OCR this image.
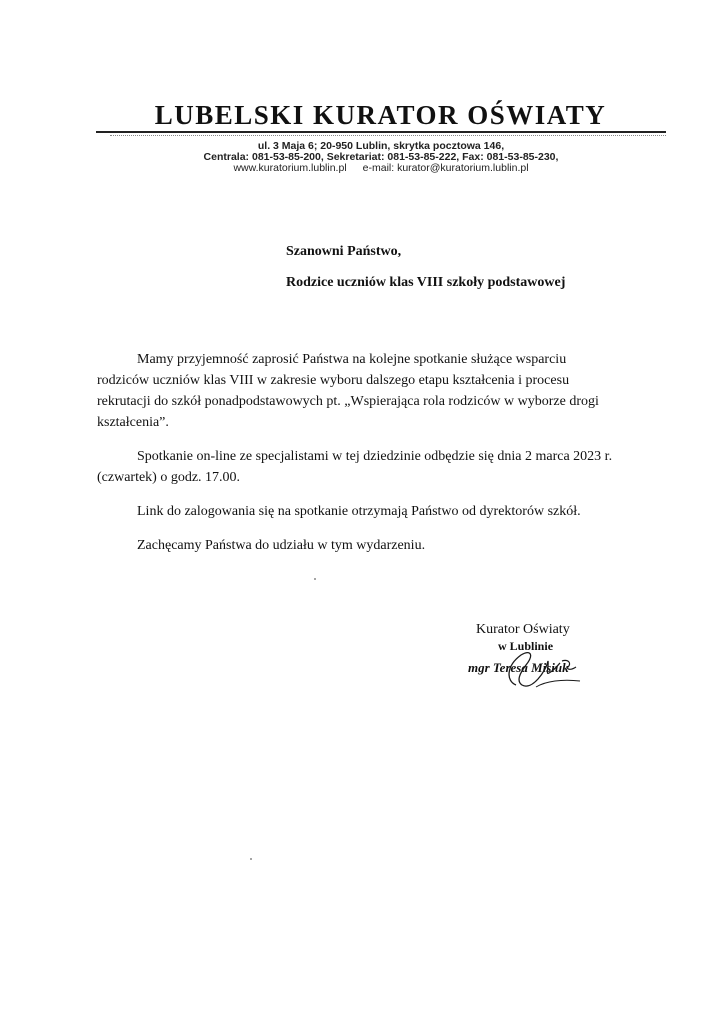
LUBELSKI KURATOR OŚWIATY
ul. 3 Maja 6; 20-950 Lublin, skrytka pocztowa 146,
Centrala: 081-53-85-200, Sekretariat: 081-53-85-222, Fax: 081-53-85-230,
www.kuratorium.lublin.pl e-mail: kurator@kuratorium.lublin.pl
Szanowni Państwo,
Rodzice uczniów klas VIII szkoły podstawowej

Mamy przyjemność zaprosić Państwa na kolejne spotkanie służące wsparciu rodziców uczniów klas VIII w zakresie wyboru dalszego etapu kształcenia i procesu rekrutacji do szkół ponadpodstawowych pt. „Wspierająca rola rodziców w wyborze drogi kształcenia”.

Spotkanie on-line ze specjalistami w tej dziedzinie odbędzie się dnia 2 marca 2023 r. (czwartek) o godz. 17.00.

Link do zalogowania się na spotkanie otrzymają Państwo od dyrektorów szkół.

Zachęcamy Państwa do udziału w tym wydarzeniu.

Kurator Oświaty
w Lublinie
mgr Teresa Misiuk
